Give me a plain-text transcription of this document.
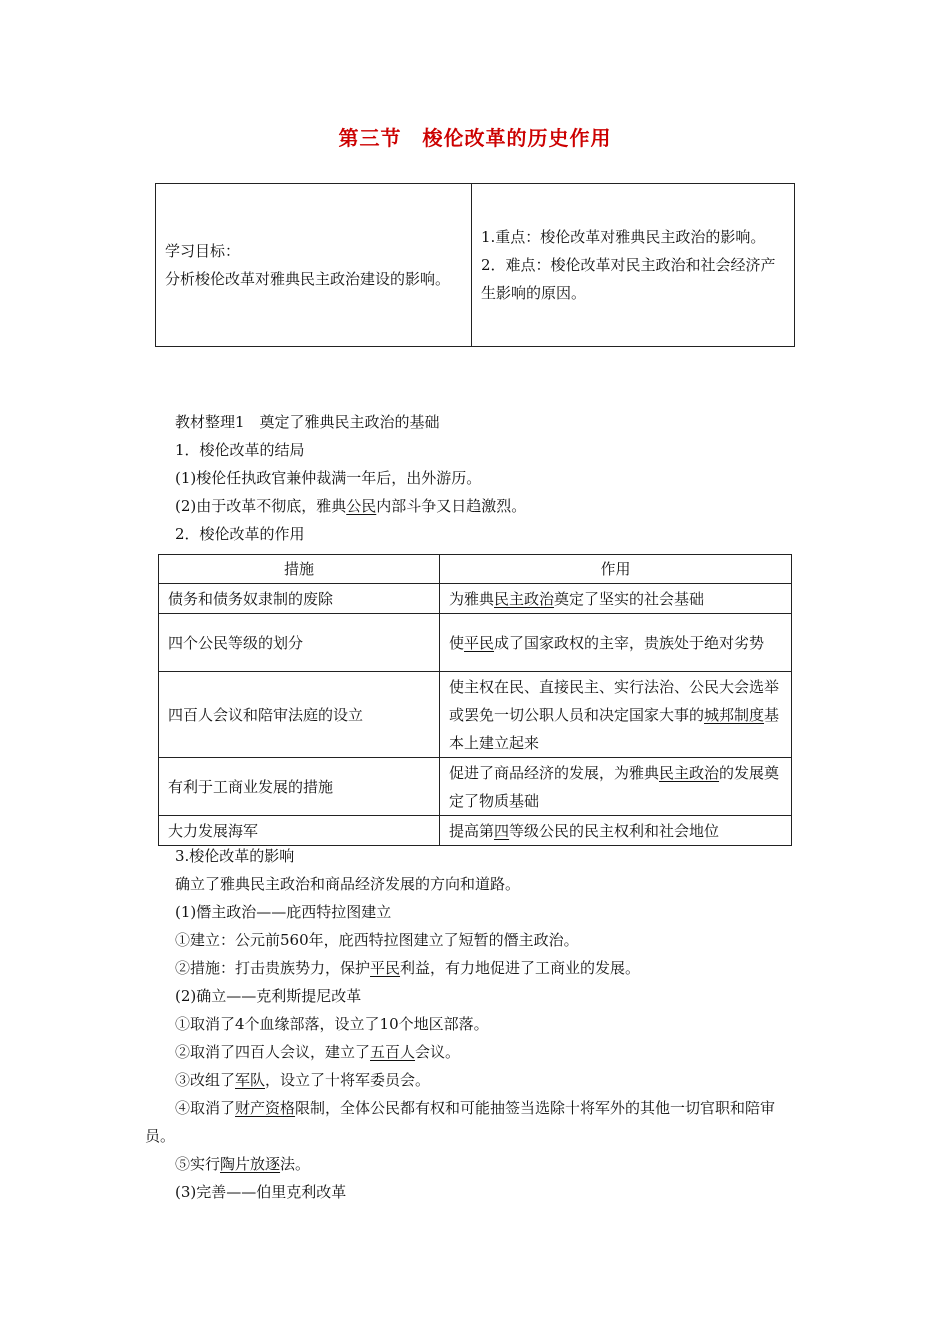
第三节　梭伦改革的历史作用
学习目标：
分析梭伦改革对雅典民主政治建设的影响。

1.重点：梭伦改革对雅典民主政治的影响。
2．难点：梭伦改革对民主政治和社会经济产生影响的原因。
教材整理1　奠定了雅典民主政治的基础
1．梭伦改革的结局
(1)梭伦任执政官兼仲裁满一年后，出外游历。
(2)由于改革不彻底，雅典公民内部斗争又日趋激烈。
2．梭伦改革的作用
措施	作用
债务和债务奴隶制的废除	为雅典民主政治奠定了坚实的社会基础
四个公民等级的划分	使平民成了国家政权的主宰，贵族处于绝对劣势
四百人会议和陪审法庭的设立	使主权在民、直接民主、实行法治、公民大会选举或罢免一切公职人员和决定国家大事的城邦制度基本上建立起来
有利于工商业发展的措施	促进了商品经济的发展，为雅典民主政治的发展奠定了物质基础
大力发展海军	提高第四等级公民的民主权利和社会地位
3.梭伦改革的影响
确立了雅典民主政治和商品经济发展的方向和道路。
(1)僭主政治——庇西特拉图建立
①建立：公元前560年，庇西特拉图建立了短暂的僭主政治。
②措施：打击贵族势力，保护平民利益，有力地促进了工商业的发展。
(2)确立——克利斯提尼改革
①取消了4个血缘部落，设立了10个地区部落。
②取消了四百人会议，建立了五百人会议。
③改组了军队，设立了十将军委员会。
④取消了财产资格限制，全体公民都有权和可能抽签当选除十将军外的其他一切官职和陪审员。
⑤实行陶片放逐法。
(3)完善——伯里克利改革
